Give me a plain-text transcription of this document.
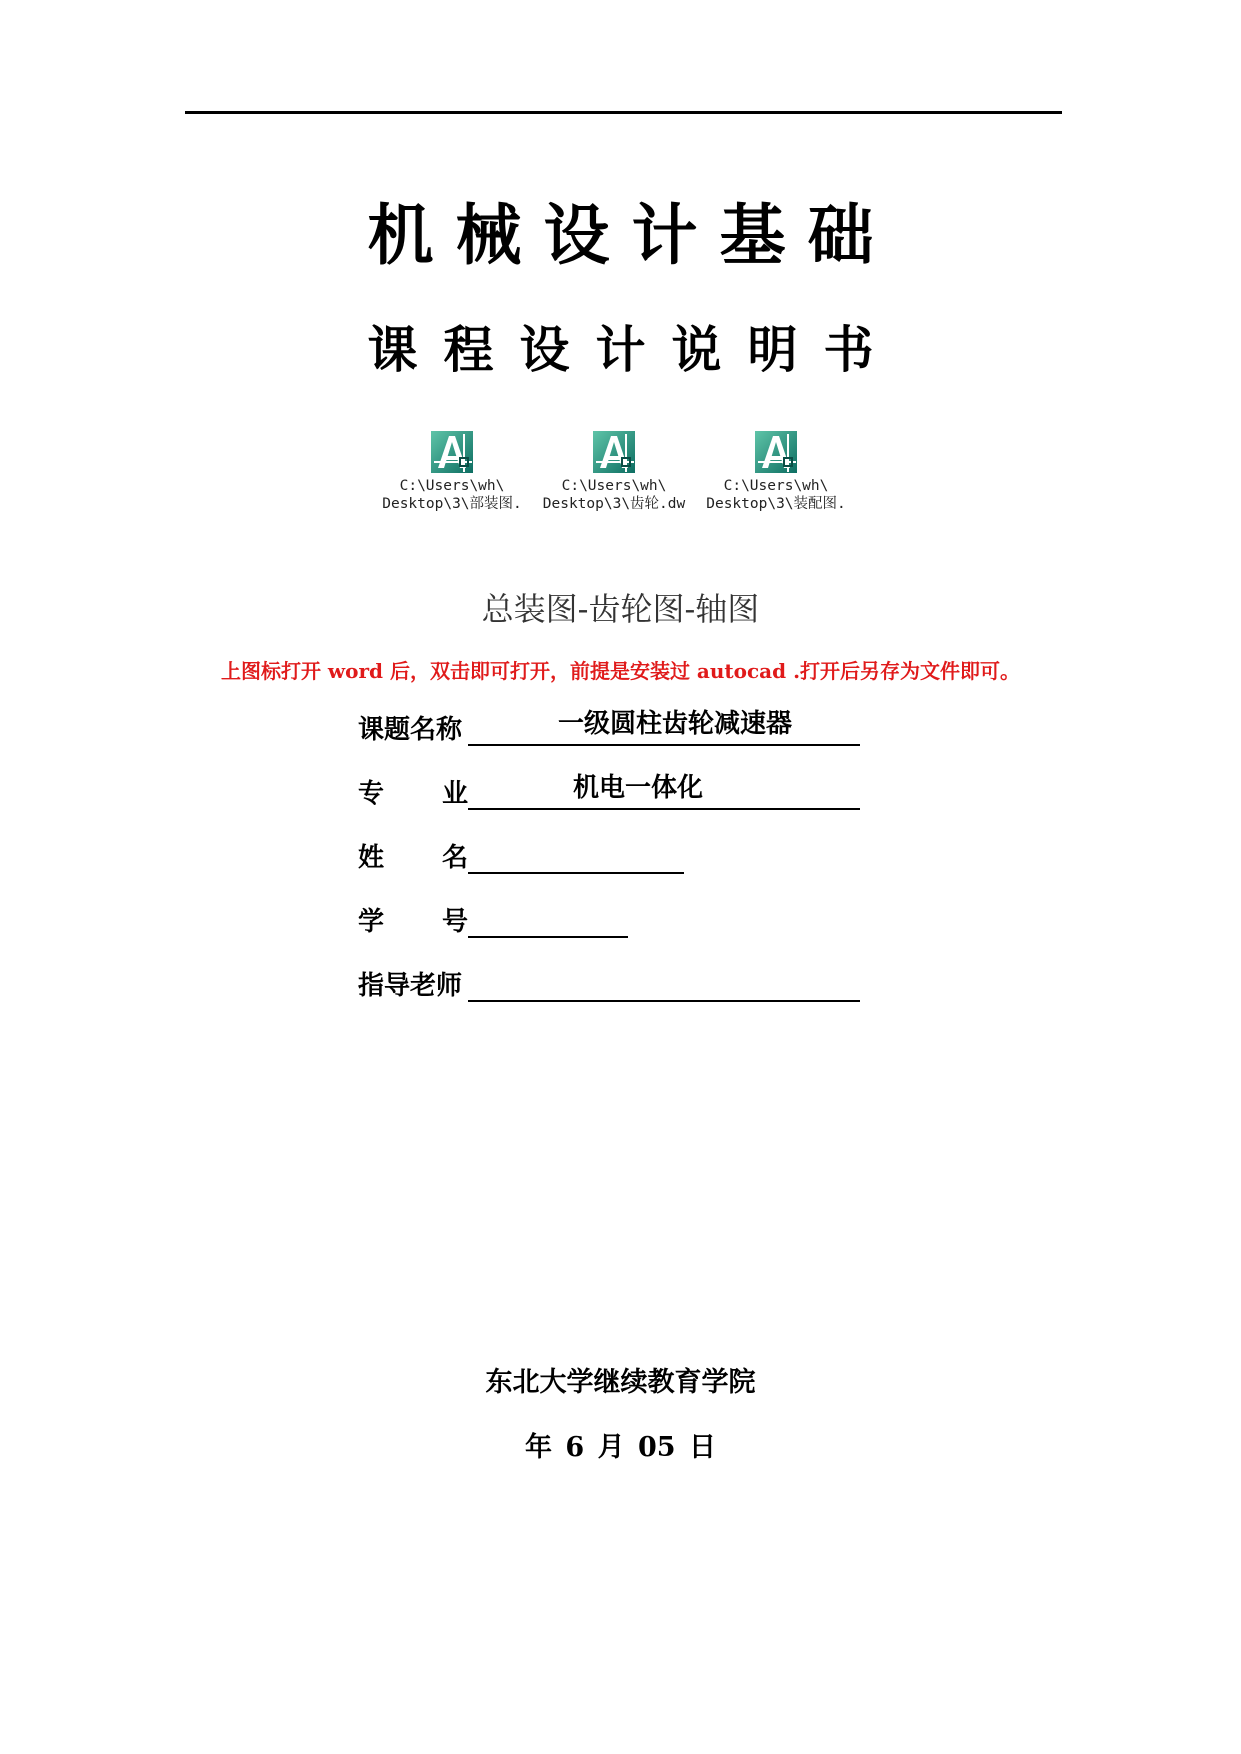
机械设计基础
课程设计说明书
C:\Users\wh\
Desktop\3\部装图.
C:\Users\wh\
Desktop\3\齿轮.dw
C:\Users\wh\
Desktop\3\装配图.
总装图-齿轮图-轴图
上图标打开 word 后，双击即可打开，前提是安装过 autocad .打开后另存为文件即可。
课题名称	一级圆柱齿轮减速器
专 业	机电一体化
姓 名
学 号
指导老师
东北大学继续教育学院
年 6 月 05 日
